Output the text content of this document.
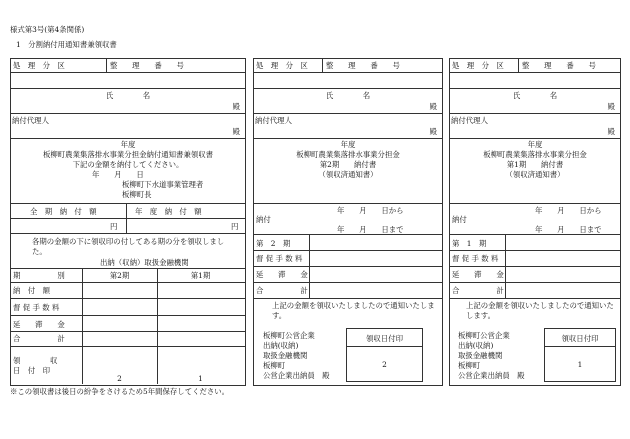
様式第3号(第4条関係)
1　分割納付用通知書兼領収書
処　理　分　区	整　　理　　番　　号
氏　　　　名
殿
納付代理人
殿
年度
板柳町農業集落排水事業分担金納付通知書兼領収書
下記の金額を納付してください。
年　　月　　日
板柳町下水道事業管理者
板柳町長
全　期　納　付　額	年　度　納　付　額
円	円
各期の金額の下に領収印の付してある期の分を領収しました。
出納（収納）取扱金融機関
期　　　　　別	第2期	第1期
納　付　額
督 促 手 数 料
延　　滞　　金
合　　　　　計
領　　　　収
日　付　印
2	1
処　理　分　区 整　　理　　番　　号
氏　　　　名
殿
納付代理人
殿
年度
板柳町農業集落排水事業分担金
第2期　　納付書
（領収済通知書）
年　　月　　日から
納付
年　　月　　日まで
第　2　期
督 促 手 数 料
延　　滞　　金
合　　　　　計
上記の金額を領収いたしましたので通知いたします。
板柳町公営企業
出納(収納)
取扱金融機関
板柳町
公営企業出納員　殿
領収日付印
2
処　理　分　区 整　　理　　番　　号
氏　　　　名
殿
納付代理人
殿
年度
板柳町農業集落排水事業分担金
第1期　　納付書
（領収済通知書）
年　　月　　日から
納付
年　　月　　日まで
第　1　期
督 促 手 数 料
延　　滞　　金
合　　　　　計
上記の金額を領収いたしましたので通知いたします。
板柳町公営企業
出納(収納)
取扱金融機関
板柳町
公営企業出納員　殿
領収日付印
1
※この領収書は後日の紛争をさけるため5年間保存してください。
